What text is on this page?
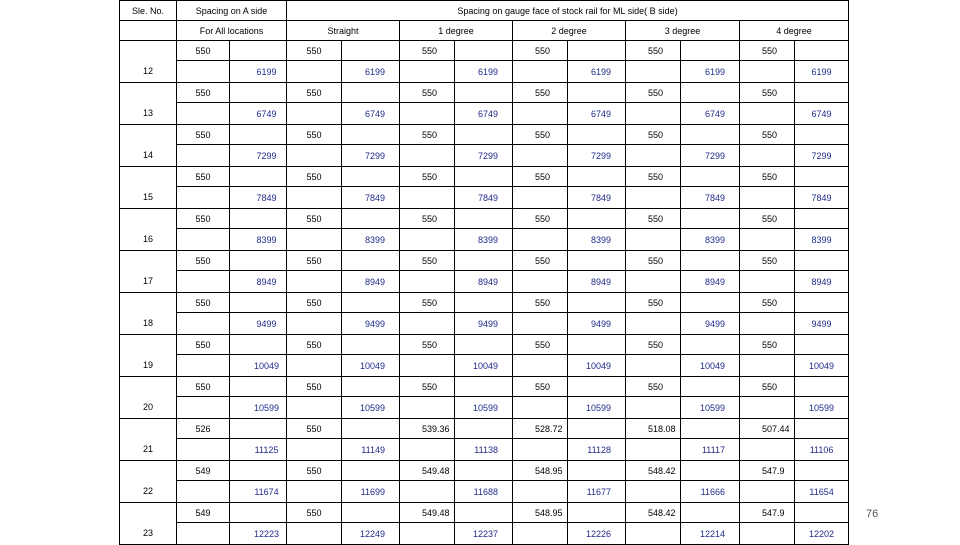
Sle. No.	Spacing on A side		Spacing on gauge face of stock rail for ML side( B side)									
	For All locations		Straight		1 degree		2 degree		3 degree		4 degree	
	550		550		550		550		550		550	
12		6199		6199		6199		6199		6199		6199
	550		550		550		550		550		550	
13		6749		6749		6749		6749		6749		6749
	550		550		550		550		550		550	
14		7299		7299		7299		7299		7299		7299
	550		550		550		550		550		550	
15		7849		7849		7849		7849		7849		7849
	550		550		550		550		550		550	
16		8399		8399		8399		8399		8399		8399
	550		550		550		550		550		550	
17		8949		8949		8949		8949		8949		8949
	550		550		550		550		550		550	
18		9499		9499		9499		9499		9499		9499
	550		550		550		550		550		550	
19		10049		10049		10049		10049		10049		10049
	550		550		550		550		550		550	
20		10599		10599		10599		10599		10599		10599
	526		550		539.36		528.72		518.08		507.44	
21		11125		11149		11138		11128		11117		11106
	549		550		549.48		548.95		548.42		547.9	
22		11674		11699		11688		11677		11666		11654
	549		550		549.48		548.95		548.42		547.9	
23		12223		12249		12237		12226		12214		12202
76
